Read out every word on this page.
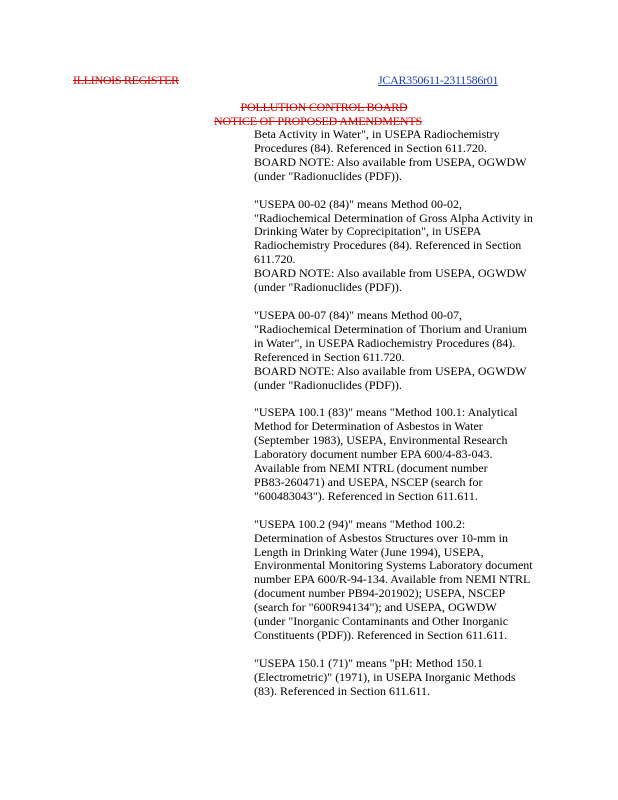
ILLINOIS REGISTER	JCAR350611-2311586r01
POLLUTION CONTROL BOARD
NOTICE OF PROPOSED AMENDMENTS

Beta Activity in Water", in USEPA Radiochemistry
Procedures (84). Referenced in Section 611.720.
BOARD NOTE: Also available from USEPA, OGWDW
(under "Radionuclides (PDF)).

"USEPA 00-02 (84)" means Method 00-02,
"Radiochemical Determination of Gross Alpha Activity in
Drinking Water by Coprecipitation", in USEPA
Radiochemistry Procedures (84). Referenced in Section
611.720.
BOARD NOTE: Also available from USEPA, OGWDW
(under "Radionuclides (PDF)).

"USEPA 00-07 (84)" means Method 00-07,
"Radiochemical Determination of Thorium and Uranium
in Water", in USEPA Radiochemistry Procedures (84).
Referenced in Section 611.720.
BOARD NOTE: Also available from USEPA, OGWDW
(under "Radionuclides (PDF)).

"USEPA 100.1 (83)" means "Method 100.1: Analytical
Method for Determination of Asbestos in Water
(September 1983), USEPA, Environmental Research
Laboratory document number EPA 600/4-83-043.
Available from NEMI NTRL (document number
PB83-260471) and USEPA, NSCEP (search for
"600483043"). Referenced in Section 611.611.

"USEPA 100.2 (94)" means "Method 100.2:
Determination of Asbestos Structures over 10-mm in
Length in Drinking Water (June 1994), USEPA,
Environmental Monitoring Systems Laboratory document
number EPA 600/R-94-134. Available from NEMI NTRL
(document number PB94-201902); USEPA, NSCEP
(search for "600R94134"); and USEPA, OGWDW
(under "Inorganic Contaminants and Other Inorganic
Constituents (PDF)). Referenced in Section 611.611.

"USEPA 150.1 (71)" means "pH: Method 150.1
(Electrometric)" (1971), in USEPA Inorganic Methods
(83). Referenced in Section 611.611.
